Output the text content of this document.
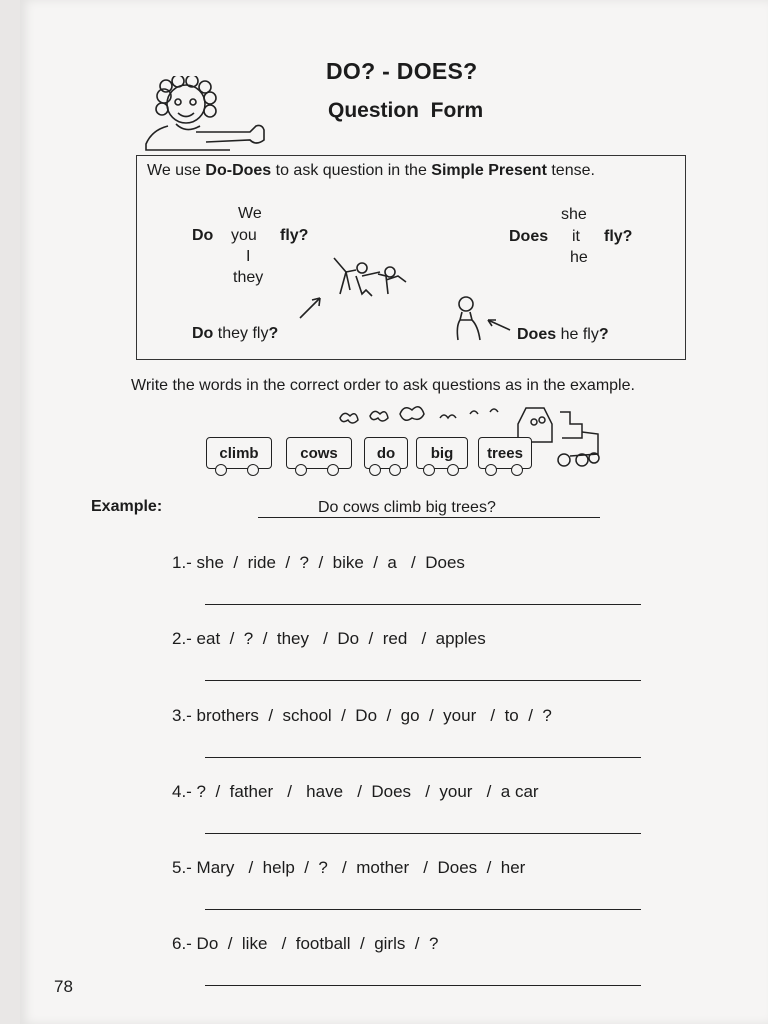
DO? - DOES?
Question  Form
We use Do-Does to ask question in the Simple Present tense.
We
Do you fly?
I
they
she
Does it fly?
he
Do they fly?	Does he fly?
Write the words in the correct order to ask questions as in the example.
climb	cows	do big trees
Example:	Do cows climb big trees?
1.- she  /  ride  /  ?  /  bike  /  a   /  Does
2.- eat  /  ?  /  they   /  Do  /  red   /  apples
3.- brothers  /  school  /  Do  /  go  /  your   /  to  /  ?
4.- ?  /  father   /   have   /  Does   /  your   /  a car
5.- Mary   /  help  /  ?   /  mother   /  Does  /  her
6.- Do  /  like   /  football  /  girls  /  ?
78
